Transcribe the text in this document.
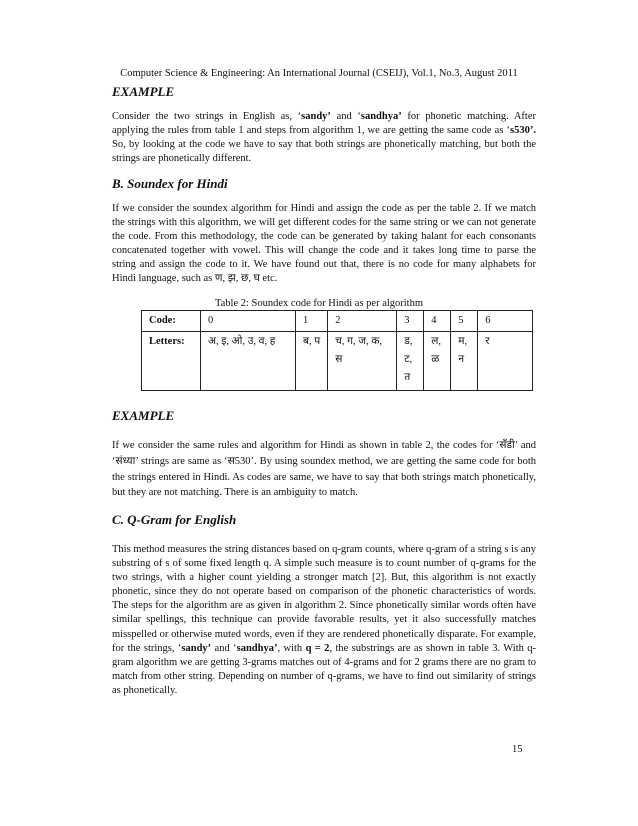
Computer Science & Engineering: An International Journal (CSEIJ), Vol.1, No.3, August 2011
EXAMPLE

Consider the two strings in English as, ‘sandy’ and ‘sandhya’ for phonetic matching. After applying the rules from table 1 and steps from algorithm 1, we are getting the same code as ‘s530’. So, by looking at the code we have to say that both strings are phonetically matching, but both the strings are phonetically different.

B. Soundex for Hindi

If we consider the soundex algorithm for Hindi and assign the code as per the table 2. If we match the strings with this algorithm, we will get different codes for the same string or we can not generate the code. From this methodology, the code can be generated by taking halant for each consonants concatenated together with vowel. This will change the code and it takes long time to parse the string and assign the code to it. We have found out that, there is no code for many alphabets for Hindi language, such as ण, झ, छ, घ etc.

Table 2: Soundex code for Hindi as per algorithm
Code:	0	1	2	3	4	5	6
Letters:	अ, इ, ओ, उ, व, ह	ब, प	च, ग, ज, क, स	ड, ट, त	ल, ळ	म, न	र
EXAMPLE

If we consider the same rules and algorithm for Hindi as shown in table 2, the codes for ‘सॅंडी’ and ‘संध्या’ strings are same as ‘स530’. By using soundex method, we are getting the same code for both the strings entered in Hindi. As codes are same, we have to say that both strings match phonetically, but they are not matching. There is an ambiguity to match.

C. Q-Gram for English

This method measures the string distances based on q-gram counts, where q-gram of a string s is any substring of s of some fixed length q. A simple such measure is to count number of q-grams for the two strings, with a higher count yielding a stronger match [2]. But, this algorithm is not exactly phonetic, since they do not operate based on comparison of the phonetic characteristics of words. The steps for the algorithm are as given in algorithm 2. Since phonetically similar words often have similar spellings, this technique can provide favorable results, yet it also successfully matches misspelled or otherwise muted words, even if they are rendered phonetically disparate. For example, for the strings, ‘sandy’ and ‘sandhya’, with q = 2, the substrings are as shown in table 3. With q-gram algorithm we are getting 3-grams matches out of 4-grams and for 2 grams there are no gram to match from other string. Depending on number of q-grams, we have to find out similarity of strings as phonetically.

15
